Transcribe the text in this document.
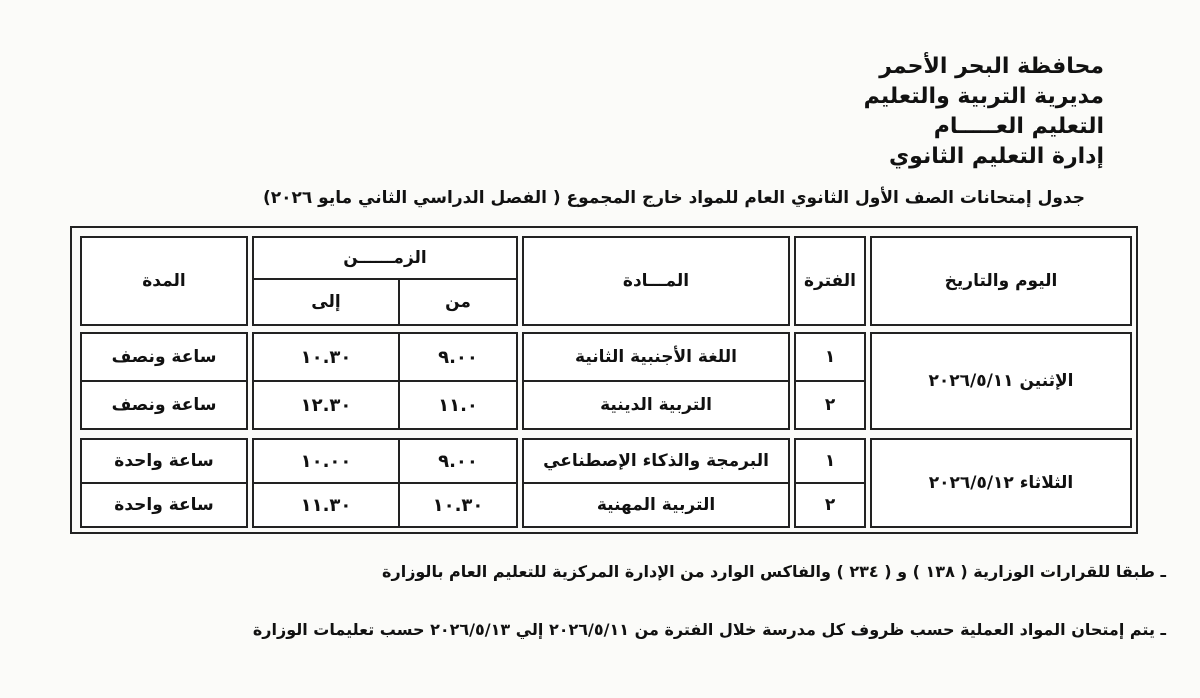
محافظة البحر الأحمر
مديرية التربية والتعليم
التعليم العـــــام
إدارة التعليم الثانوي
جدول إمتحانات الصف الأول الثانوي العام للمواد خارج المجموع ( الفصل الدراسي الثاني مايو ٢٠٢٦)
اليوم والتاريخ
الفترة
المـــادة
الزمــــــن
من
إلى
المدة
الإثنين ٢٠٢٦/٥/١١
الثلاثاء ٢٠٢٦/٥/١٢
١
اللغة الأجنبية الثانية
٩.٠٠
١٠.٣٠
ساعة ونصف
٢
التربية الدينية
١١.٠
١٢.٣٠
ساعة ونصف
١
البرمجة والذكاء الإصطناعي
٩.٠٠
١٠.٠٠
ساعة واحدة
٢
التربية المهنية
١٠.٣٠
١١.٣٠
ساعة واحدة
ـ طبقا للقرارات الوزارية ( ١٣٨ ) و ( ٢٣٤ ) والفاكس الوارد من الإدارة المركزية للتعليم العام بالوزارة
ـ يتم إمتحان المواد العملية حسب ظروف كل مدرسة خلال الفترة من ٢٠٢٦/٥/١١ إلي ٢٠٢٦/٥/١٣ حسب تعليمات الوزارة
